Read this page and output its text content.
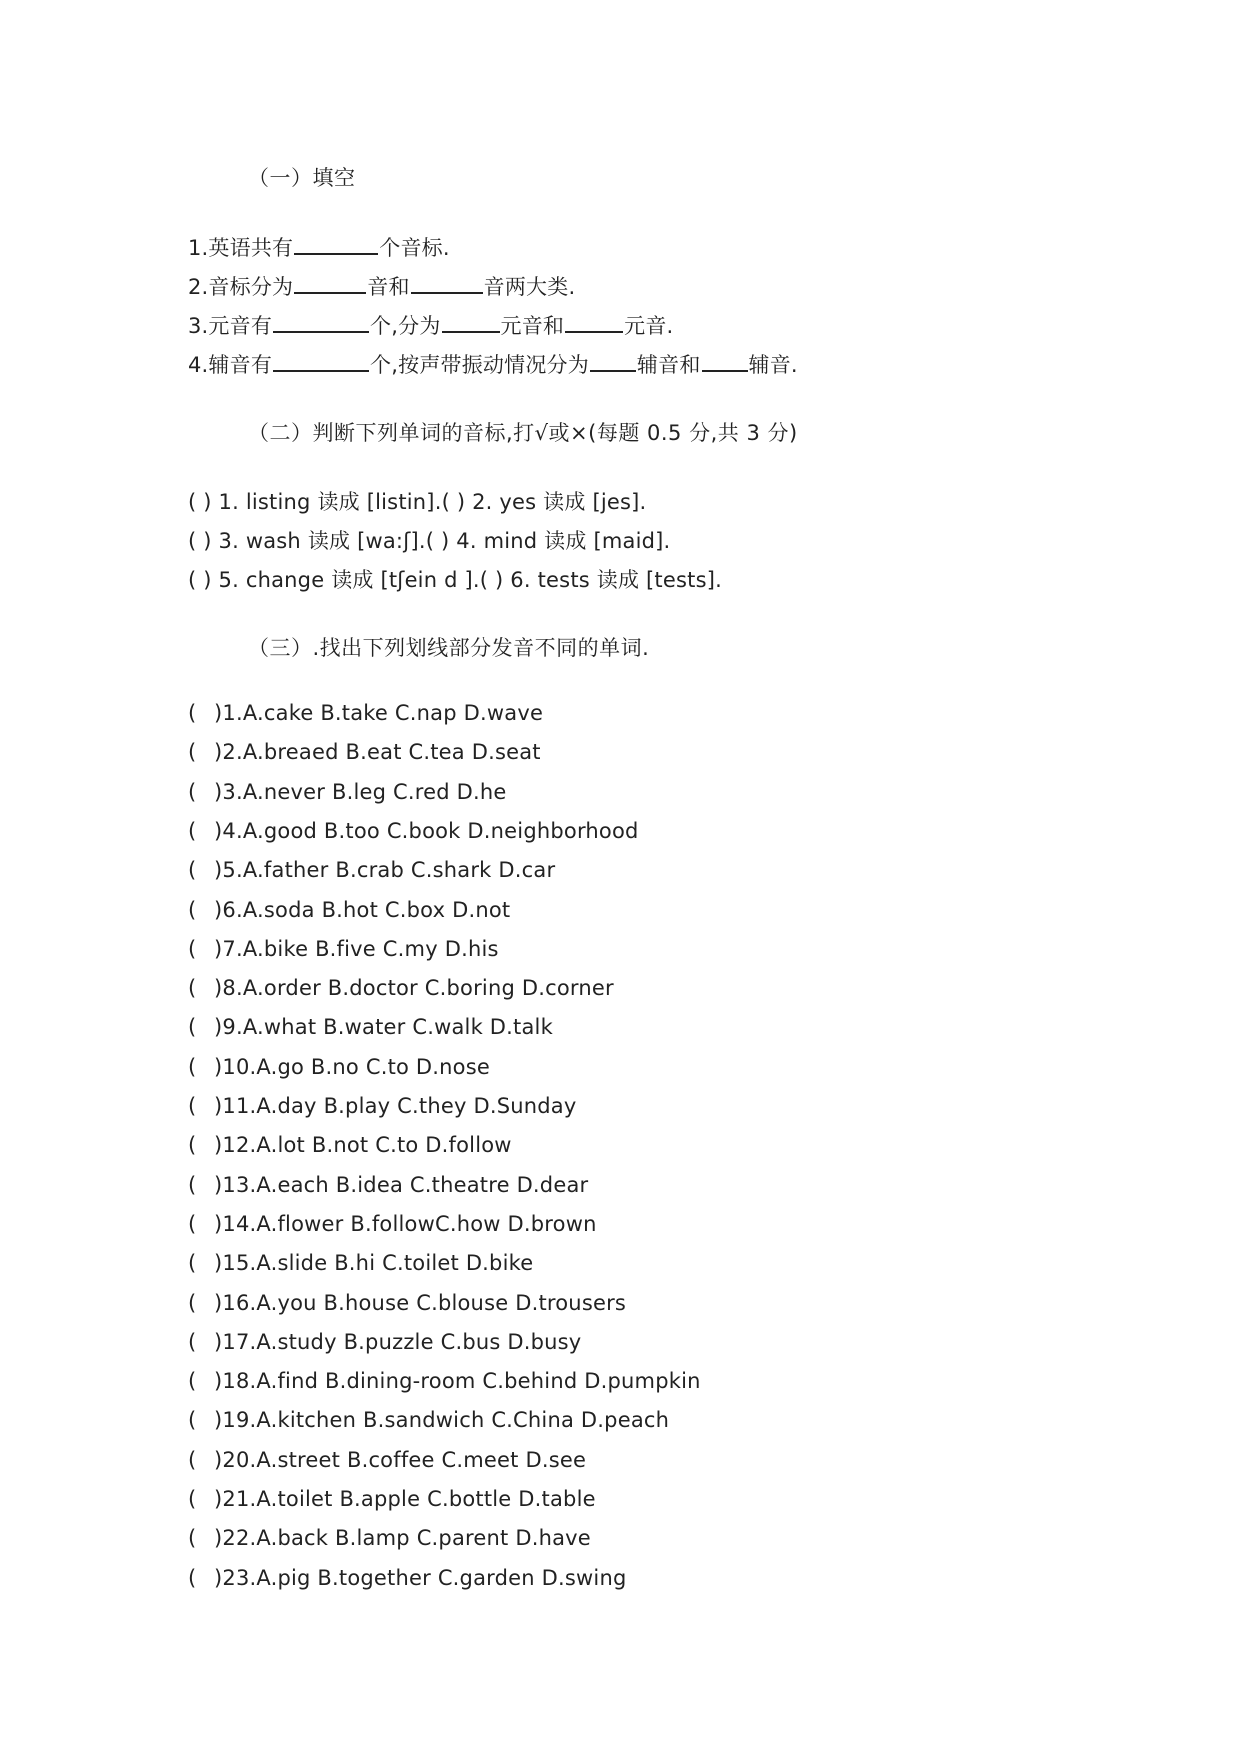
（一）填空
1.英语共有	个音标.
2.音标分为	音和	音两大类.
3.元音有	个,分为	元音和	元音.
4.辅音有	个,按声带振动情况分为 辅音和 辅音.
（二）判断下列单词的音标,打√或×(每题 0.5 分,共 3 分)
( ) 1. listing 读成 [listin].( ) 2. yes 读成 [jes].
( ) 3. wash 读成 [wa:ʃ].( ) 4. mind 读成 [maid].
( ) 5. change 读成 [tʃein d ].( ) 6. tests 读成 [tests].
（三）.找出下列划线部分发音不同的单词.
( )1.A.cake B.take C.nap D.wave
( )2.A.breaed B.eat C.tea D.seat
( )3.A.never B.leg C.red D.he
( )4.A.good B.too C.book D.neighborhood
( )5.A.father B.crab C.shark D.car
( )6.A.soda B.hot C.box D.not
( )7.A.bike B.five C.my D.his
( )8.A.order B.doctor C.boring D.corner
( )9.A.what B.water C.walk D.talk
( )10.A.go B.no C.to D.nose
( )11.A.day B.play C.they D.Sunday
( )12.A.lot B.not C.to D.follow
( )13.A.each B.idea C.theatre D.dear
( )14.A.flower B.followC.how D.brown
( )15.A.slide B.hi C.toilet D.bike
( )16.A.you B.house C.blouse D.trousers
( )17.A.study B.puzzle C.bus D.busy
( )18.A.find B.dining-room C.behind D.pumpkin
( )19.A.kitchen B.sandwich C.China D.peach
( )20.A.street B.coffee C.meet D.see
( )21.A.toilet B.apple C.bottle D.table
( )22.A.back B.lamp C.parent D.have
( )23.A.pig B.together C.garden D.swing
